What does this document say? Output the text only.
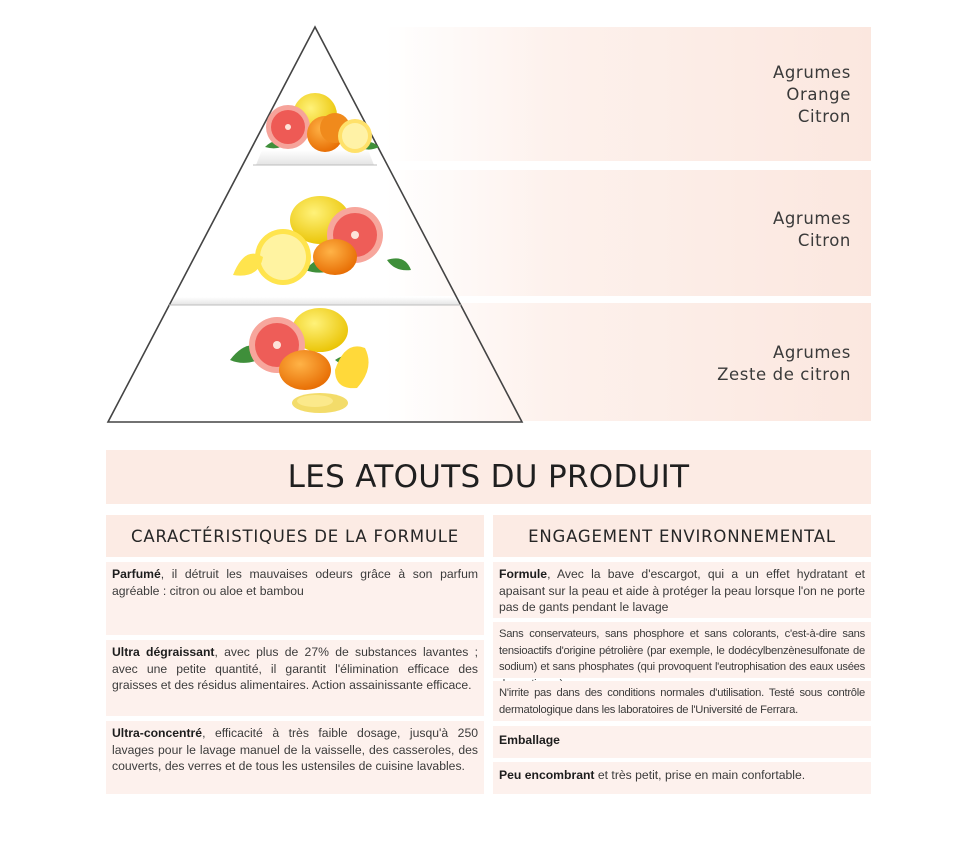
Agrumes
Orange
Citron
Agrumes
Citron
Agrumes
Zeste de citron
LES ATOUTS DU PRODUIT
CARACTÉRISTIQUES DE LA FORMULE	ENGAGEMENT ENVIRONNEMENTAL
Parfumé, il détruit les mauvaises odeurs grâce à son parfum agréable : citron ou aloe et bambou
Ultra dégraissant, avec plus de 27% de substances lavantes ; avec une petite quantité, il garantit l'élimination efficace des graisses et des résidus alimentaires. Action assainissante efficace.
Ultra-concentré, efficacité à très faible dosage, jusqu'à 250 lavages pour le lavage manuel de la vaisselle, des casseroles, des couverts, des verres et de tous les ustensiles de cuisine lavables.
Formule, Avec la bave d'escargot, qui a un effet hydratant et apaisant sur la peau et aide à protéger la peau lorsque l'on ne porte pas de gants pendant le lavage
Sans conservateurs, sans phosphore et sans colorants, c'est-à-dire sans tensioactifs d'origine pétrolière (par exemple, le dodécylbenzènesulfonate de sodium) et sans phosphates (qui provoquent l'eutrophisation des eaux usées
N'irrite pas dans des conditions normales d'utilisation. Testé sous contrôle dermatologique dans les laboratoires de l'Université de Ferrara.
Emballage
Peu encombrant et très petit, prise en main confortable.
